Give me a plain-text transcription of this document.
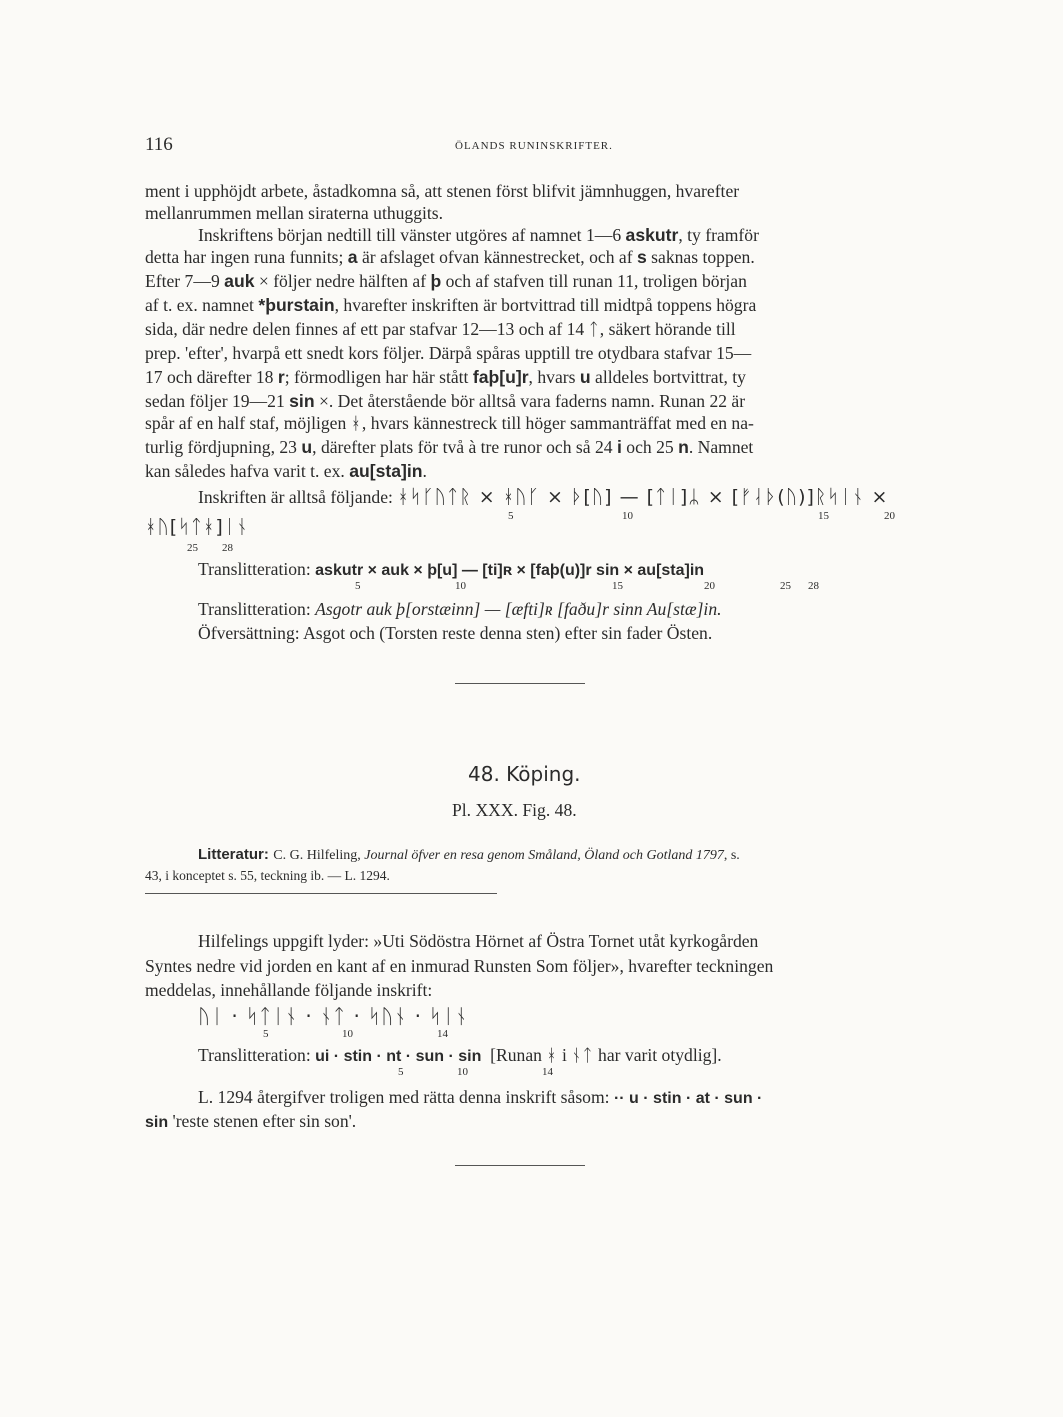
116	ÖLANDS RUNINSKRIFTER.
ment i upphöjdt arbete, åstadkomna så, att stenen först blifvit jämnhuggen, hvarefter
mellanrummen mellan siraterna uthuggits.
Inskriftens början nedtill till vänster utgöres af namnet 1—6 askutr, ty framför
detta har ingen runa funnits; a är afslaget ofvan kännestrecket, och af s saknas toppen.
Efter 7—9 auk × följer nedre hälften af þ och af stafven till runan 11, troligen början
af t. ex. namnet *þurstain, hvarefter inskriften är bortvittrad till midtpå toppens högra
sida, där nedre delen finnes af ett par stafvar 12—13 och af 14 ᛏ, säkert hörande till
prep. 'efter', hvarpå ett snedt kors följer. Därpå spåras upptill tre otydbara stafvar 15—
17 och därefter 18 r; förmodligen har här stått faþ[u]r, hvars u alldeles bortvittrat, ty
sedan följer 19—21 sin ×. Det återstående bör alltså vara faderns namn. Runan 22 är
spår af en half staf, möjligen ᚼ, hvars kännestreck till höger sammanträffat med en na-
turlig fördjupning, 23 u, därefter plats för två à tre runor och så 24 i och 25 n. Namnet
kan således hafva varit t. ex. au[sta]in.
Inskriften är alltså följande: ᚼᛋᚴᚢᛏᚱ × ᚼᚢᚴ × ᚦ[ᚢ] — [ᛏᛁ]ᛦ × [ᚠᛆᚦ(ᚢ)]ᚱᛋᛁᚾ ×
5	10	15	20
ᚼᚢ[ᛋᛏᚼ]ᛁᚾ
25 28
Translitteration: askutr × auk × þ[u] — [ti]ʀ × [faþ(u)]r sin × au[sta]in
5	10	15	20	25 28
Translitteration: Asgotr auk þ[orstæinn] — [æfti]ʀ [faðu]r sinn Au[stæ]in.
Öfversättning: Asgot och (Torsten reste denna sten) efter sin fader Östen.
48. Köping.
Pl. XXX. Fig. 48.
Litteratur: C. G. Hilfeling, Journal öfver en resa genom Småland, Öland och Gotland 1797, s.
43, i konceptet s. 55, teckning ib. — L. 1294.
Hilfelings uppgift lyder: »Uti Södöstra Hörnet af Östra Tornet utåt kyrkogården
Syntes nedre vid jorden en kant af en inmurad Runsten Som följer», hvarefter teckningen
meddelas, innehållande följande inskrift:
ᚢᛁ · ᛋᛏᛁᚾ · ᚾᛏ · ᛋᚢᚾ · ᛋᛁᚾ
5	10	14
Translitteration: ui · stin · nt · sun · sin [Runan ᚼ i ᚾᛏ har varit otydlig].
5	10	14
L. 1294 återgifver troligen med rätta denna inskrift såsom: ·· u · stin · at · sun ·
sin 'reste stenen efter sin son'.
